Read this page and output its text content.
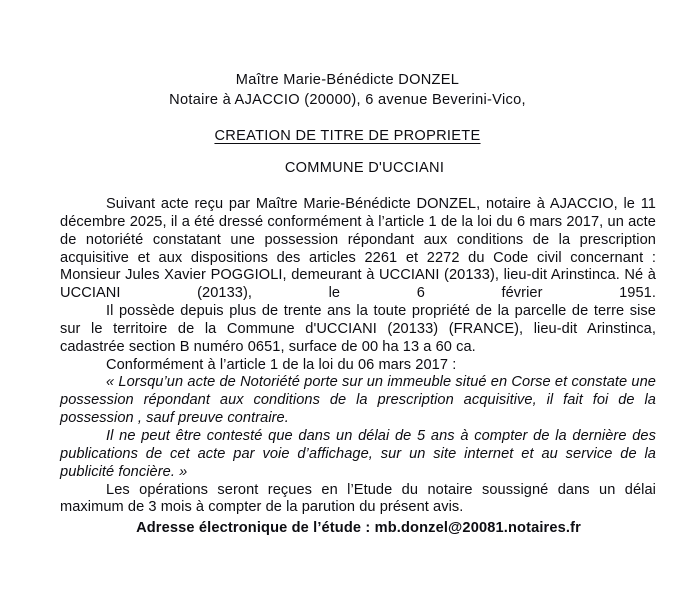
Maître Marie-Bénédicte DONZEL
Notaire à AJACCIO (20000), 6 avenue Beverini-Vico,
CREATION DE TITRE DE PROPRIETE
COMMUNE D'UCCIANI

Suivant acte reçu par Maître Marie-Bénédicte DONZEL, notaire à AJACCIO, le 11 décembre 2025, il a été dressé conformément à l’article 1 de la loi du 6 mars 2017, un acte de notoriété constatant une possession répondant aux conditions de la prescription acquisitive et aux dispositions des articles 2261 et 2272 du Code civil concernant : Monsieur Jules Xavier POGGIOLI, demeurant à UCCIANI (20133), lieu-dit Arinstinca. Né à UCCIANI (20133), le 6 février 1951.

Il possède depuis plus de trente ans la toute propriété de la parcelle de terre sise sur le territoire de la Commune d'UCCIANI (20133) (FRANCE), lieu-dit Arinstinca, cadastrée section B numéro 0651, surface de 00 ha 13 a 60 ca.

Conformément à l’article 1 de la loi du 06 mars 2017 :

« Lorsqu’un acte de Notoriété porte sur un immeuble situé en Corse et constate une possession répondant aux conditions de la prescription acquisitive, il fait foi de la possession , sauf preuve contraire.

Il ne peut être contesté que dans un délai de 5 ans à compter de la dernière des publications de cet acte par voie d’affichage, sur un site internet et au service de la publicité foncière. »

Les opérations seront reçues en l’Etude du notaire soussigné dans un délai maximum de 3 mois à compter de la parution du présent avis.

Adresse électronique de l’étude : mb.donzel@20081.notaires.fr
